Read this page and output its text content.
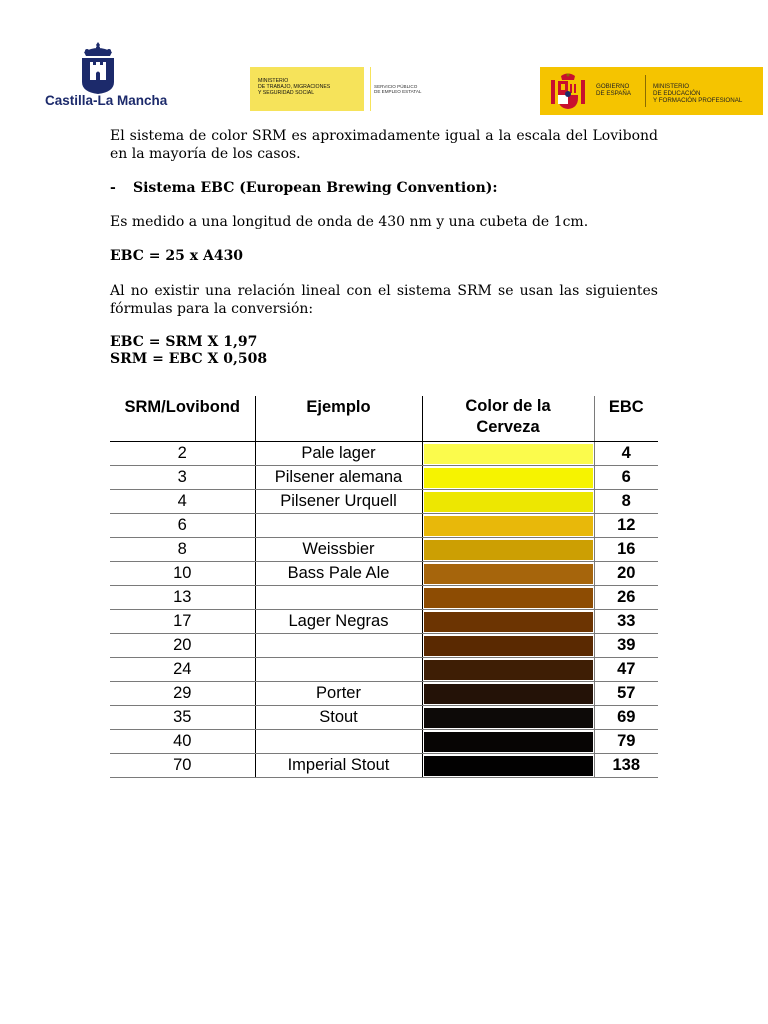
Castilla-La Mancha
MINISTERIO
DE TRABAJO, MIGRACIONES
Y SEGURIDAD SOCIAL
SERVICIO PÚBLICO
DE EMPLEO ESTATAL
GOBIERNO
DE ESPAÑA
MINISTERIO
DE EDUCACIÓN
Y FORMACIÓN PROFESIONAL
El sistema de color SRM es aproximadamente igual a la escala del Lovibond en la mayoría de los casos.
- Sistema EBC (European Brewing Convention):
Es medido a una longitud de onda de 430 nm y una cubeta de 1cm.
EBC = 25 x A430
Al no existir una relación lineal con el sistema SRM se usan las siguientes fórmulas para la conversión:
EBC = SRM X 1,97
SRM = EBC X 0,508
SRM/Lovibond	Ejemplo	Color de la Cerveza	EBC
2	Pale lager		4
3	Pilsener alemana		6
4	Pilsener Urquell		8
6			12
8	Weissbier		16
10	Bass Pale Ale		20
13			26
17	Lager Negras		33
20			39
24			47
29	Porter		57
35	Stout		69
40			79
70	Imperial Stout		138
